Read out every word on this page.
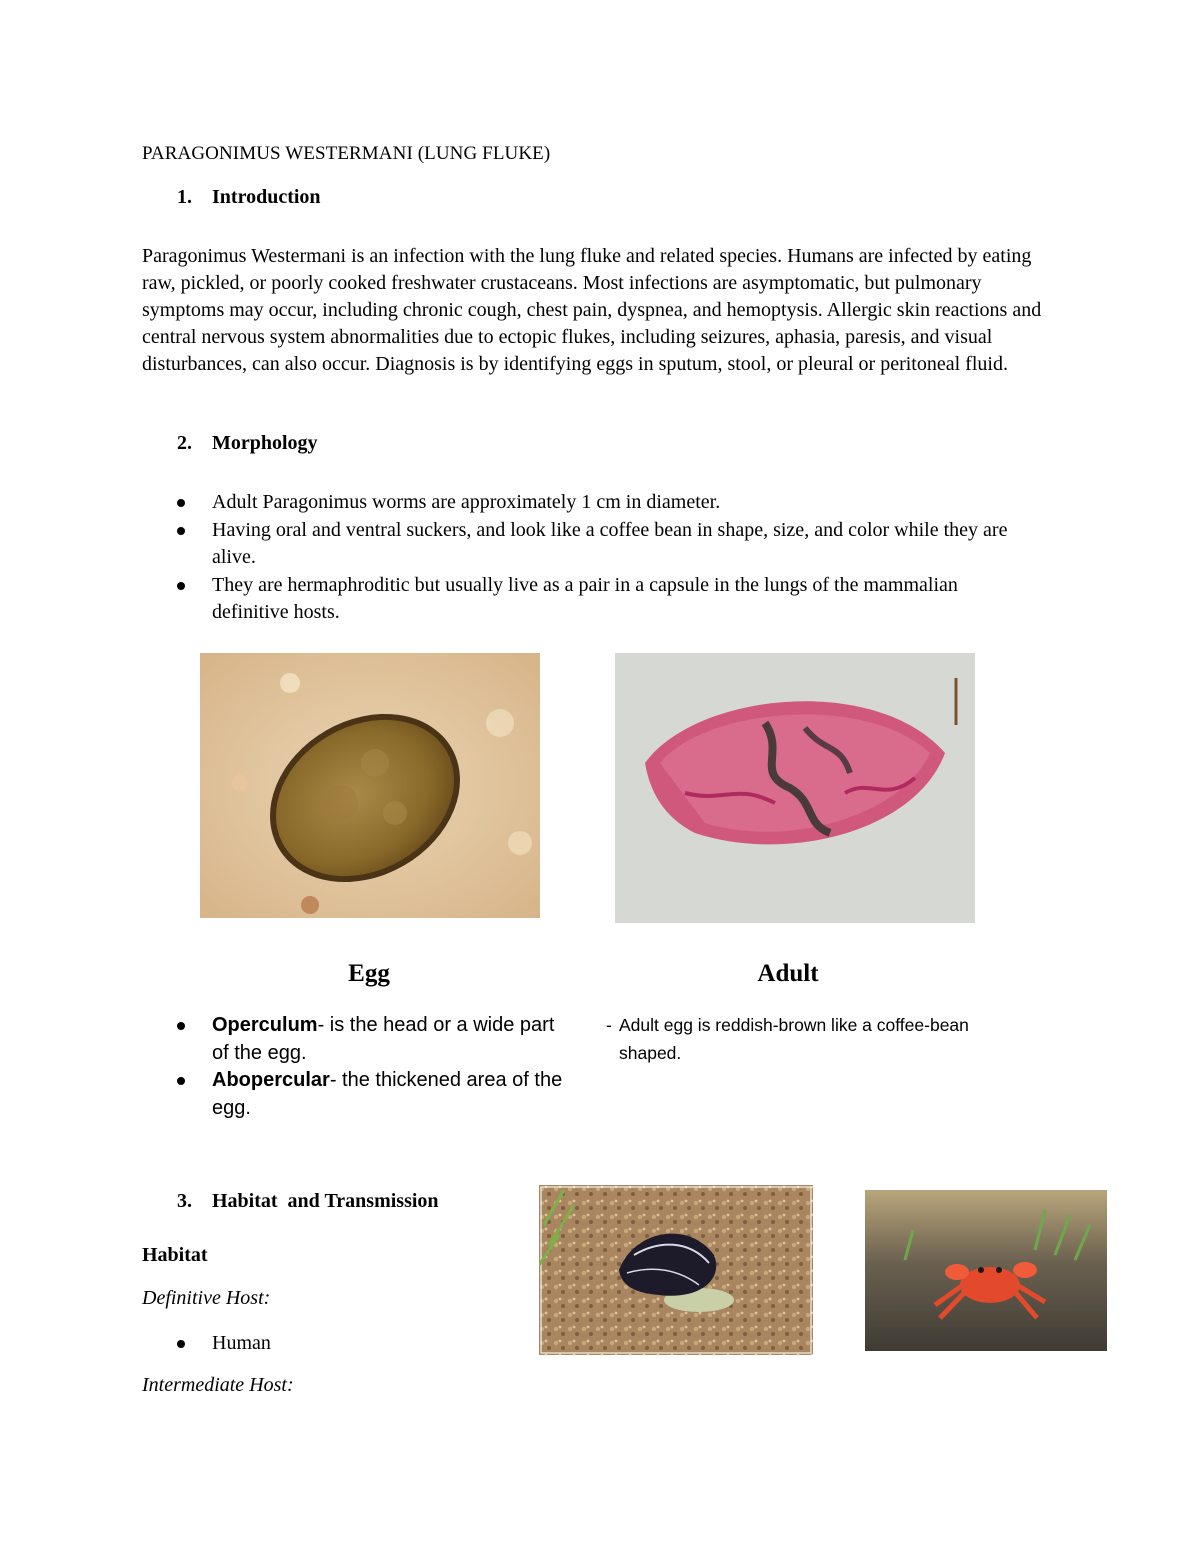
PARAGONIMUS WESTERMANI (LUNG FLUKE)
1. Introduction

Paragonimus Westermani is an infection with the lung fluke and related species. Humans are infected by eating raw, pickled, or poorly cooked freshwater crustaceans. Most infections are asymptomatic, but pulmonary symptoms may occur, including chronic cough, chest pain, dyspnea, and hemoptysis. Allergic skin reactions and central nervous system abnormalities due to ectopic flukes, including seizures, aphasia, paresis, and visual disturbances, can also occur. Diagnosis is by identifying eggs in sputum, stool, or pleural or peritoneal fluid.

2. Morphology
Adult Paragonimus worms are approximately 1 cm in diameter.
Having oral and ventral suckers, and look like a coffee bean in shape, size, and color while they are alive.
They are hermaphroditic but usually live as a pair in a capsule in the lungs of the mammalian definitive hosts.
Egg	Adult
Operculum- is the head or a wide part of the egg.
Abopercular- the thickened area of the egg.
- Adult egg is reddish-brown like a coffee-bean shaped.
3. Habitat  and Transmission
Habitat
Definitive Host:
Human
Intermediate Host:
